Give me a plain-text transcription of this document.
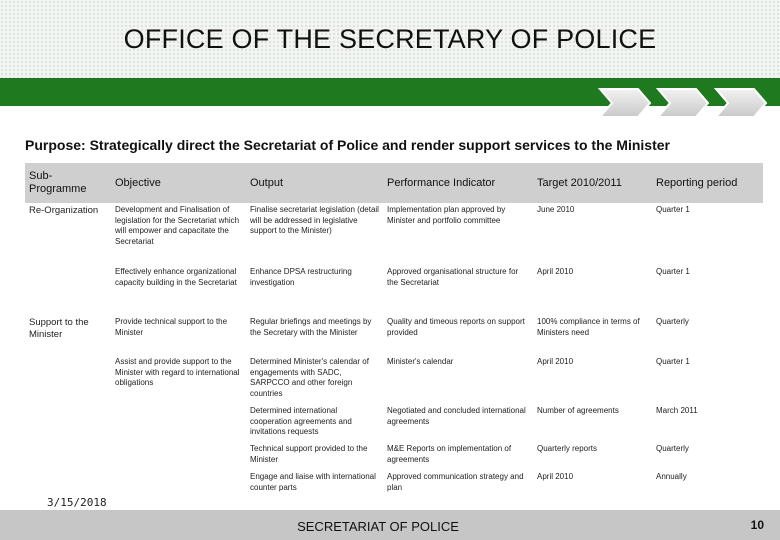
OFFICE OF THE SECRETARY OF POLICE
Purpose: Strategically direct the Secretariat of Police and render support services to the Minister
Sub-Programme	Objective	Output	Performance Indicator	Target 2010/2011	Reporting period
Re-Organization	Development and Finalisation of legislation for the Secretariat which will empower and capacitate the Secretariat	Finalise secretariat legislation (detail will be addressed in legislative support to the Minister)	Implementation plan approved by Minister and portfolio committee	June 2010	Quarter 1
	Effectively enhance organizational capacity building in the Secretariat	Enhance DPSA restructuring investigation	Approved organisational structure for the Secretariat	April 2010	Quarter 1
Support to the Minister	Provide technical support to the Minister	Regular briefings and meetings by the Secretary with the Minister	Quality and timeous reports on support provided	100% compliance in terms of Ministers need	Quarterly
	Assist and provide support to the Minister with regard to international obligations	Determined Minister's calendar of engagements with SADC, SARPCCO and other foreign countries	Minister's calendar	April 2010	Quarter 1
		Determined international cooperation agreements and invitations requests	Negotiated and concluded international agreements	Number of agreements	March 2011
		Technical support provided to the Minister	M&E Reports on implementation of agreements	Quarterly reports	Quarterly
		Engage and liaise with international counter parts	Approved communication strategy and plan	April 2010	Annually
3/15/2018
SECRETARIAT OF POLICE	10
